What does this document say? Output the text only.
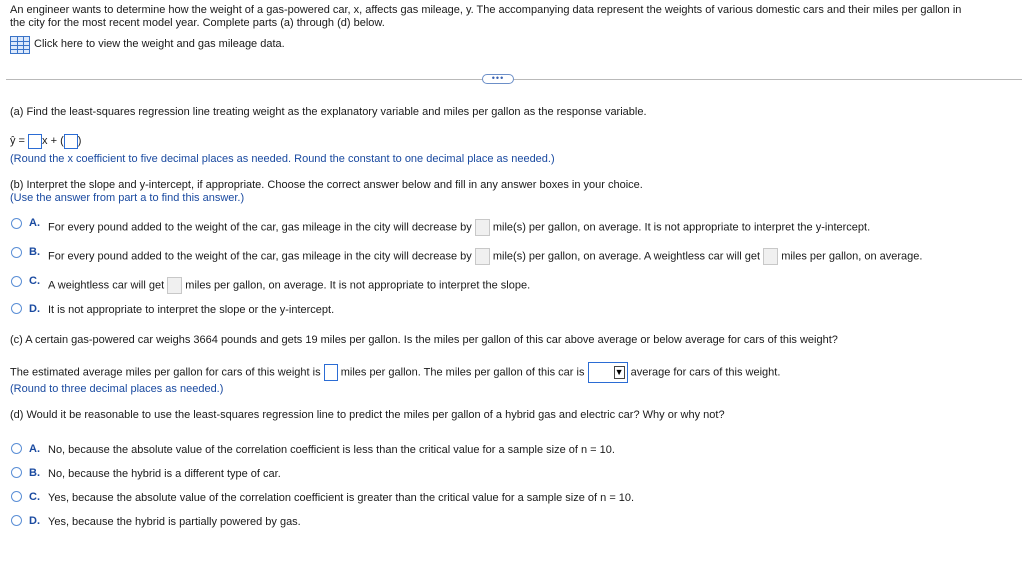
An engineer wants to determine how the weight of a gas-powered car, x, affects gas mileage, y. The accompanying data represent the weights of various domestic cars and their miles per gallon in
the city for the most recent model year. Complete parts (a) through (d) below.
Click here to view the weight and gas mileage data.
•••
(a) Find the least-squares regression line treating weight as the explanatory variable and miles per gallon as the response variable.
ŷ = x + ( )
(Round the x coefficient to five decimal places as needed. Round the constant to one decimal place as needed.)
(b) Interpret the slope and y-intercept, if appropriate. Choose the correct answer below and fill in any answer boxes in your choice.
(Use the answer from part a to find this answer.)
A. For every pound added to the weight of the car, gas mileage in the city will decrease by mile(s) per gallon, on average. It is not appropriate to interpret the y-intercept.
B. For every pound added to the weight of the car, gas mileage in the city will decrease by mile(s) per gallon, on average. A weightless car will get miles per gallon, on average.
C. A weightless car will get miles per gallon, on average. It is not appropriate to interpret the slope.
D. It is not appropriate to interpret the slope or the y-intercept.
(c) A certain gas-powered car weighs 3664 pounds and gets 19 miles per gallon. Is the miles per gallon of this car above average or below average for cars of this weight?
The estimated average miles per gallon for cars of this weight is miles per gallon. The miles per gallon of this car is	▼ average for cars of this weight.
(Round to three decimal places as needed.)
(d) Would it be reasonable to use the least-squares regression line to predict the miles per gallon of a hybrid gas and electric car? Why or why not?
A. No, because the absolute value of the correlation coefficient is less than the critical value for a sample size of n = 10.
B. No, because the hybrid is a different type of car.
C. Yes, because the absolute value of the correlation coefficient is greater than the critical value for a sample size of n = 10.
D. Yes, because the hybrid is partially powered by gas.
